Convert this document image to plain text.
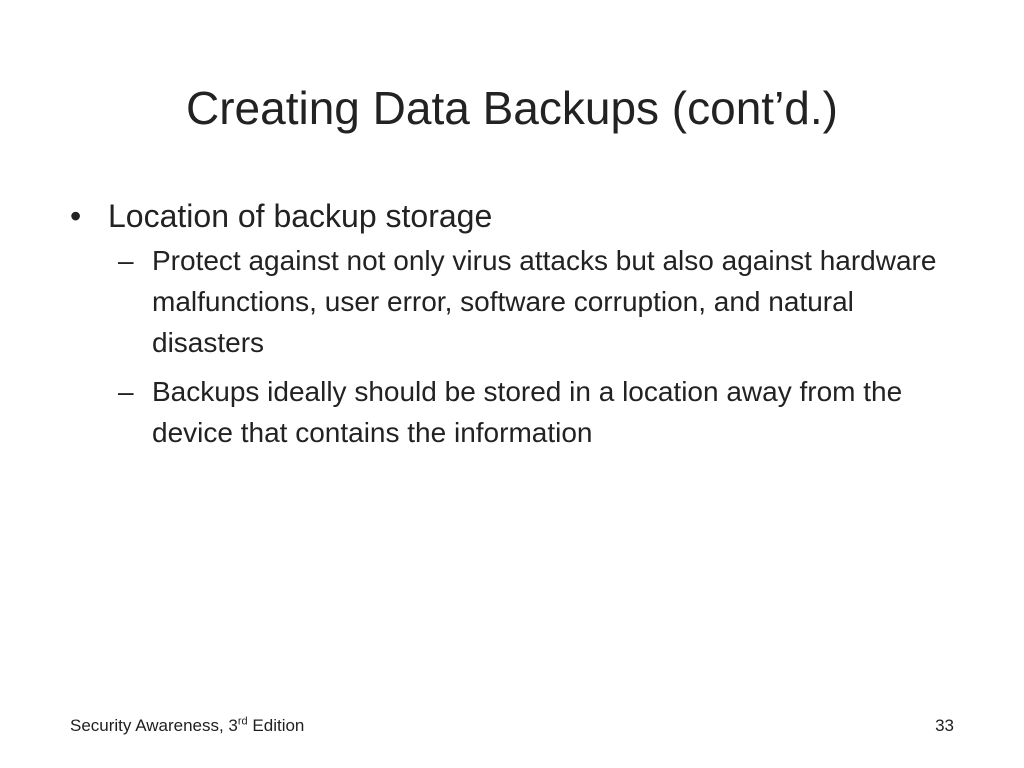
Creating Data Backups (cont’d.)
• Location of backup storage
– Protect against not only virus attacks but also against hardware malfunctions, user error, software corruption, and natural disasters
– Backups ideally should be stored in a location away from the device that contains the information
Security Awareness, 3rd Edition	33
